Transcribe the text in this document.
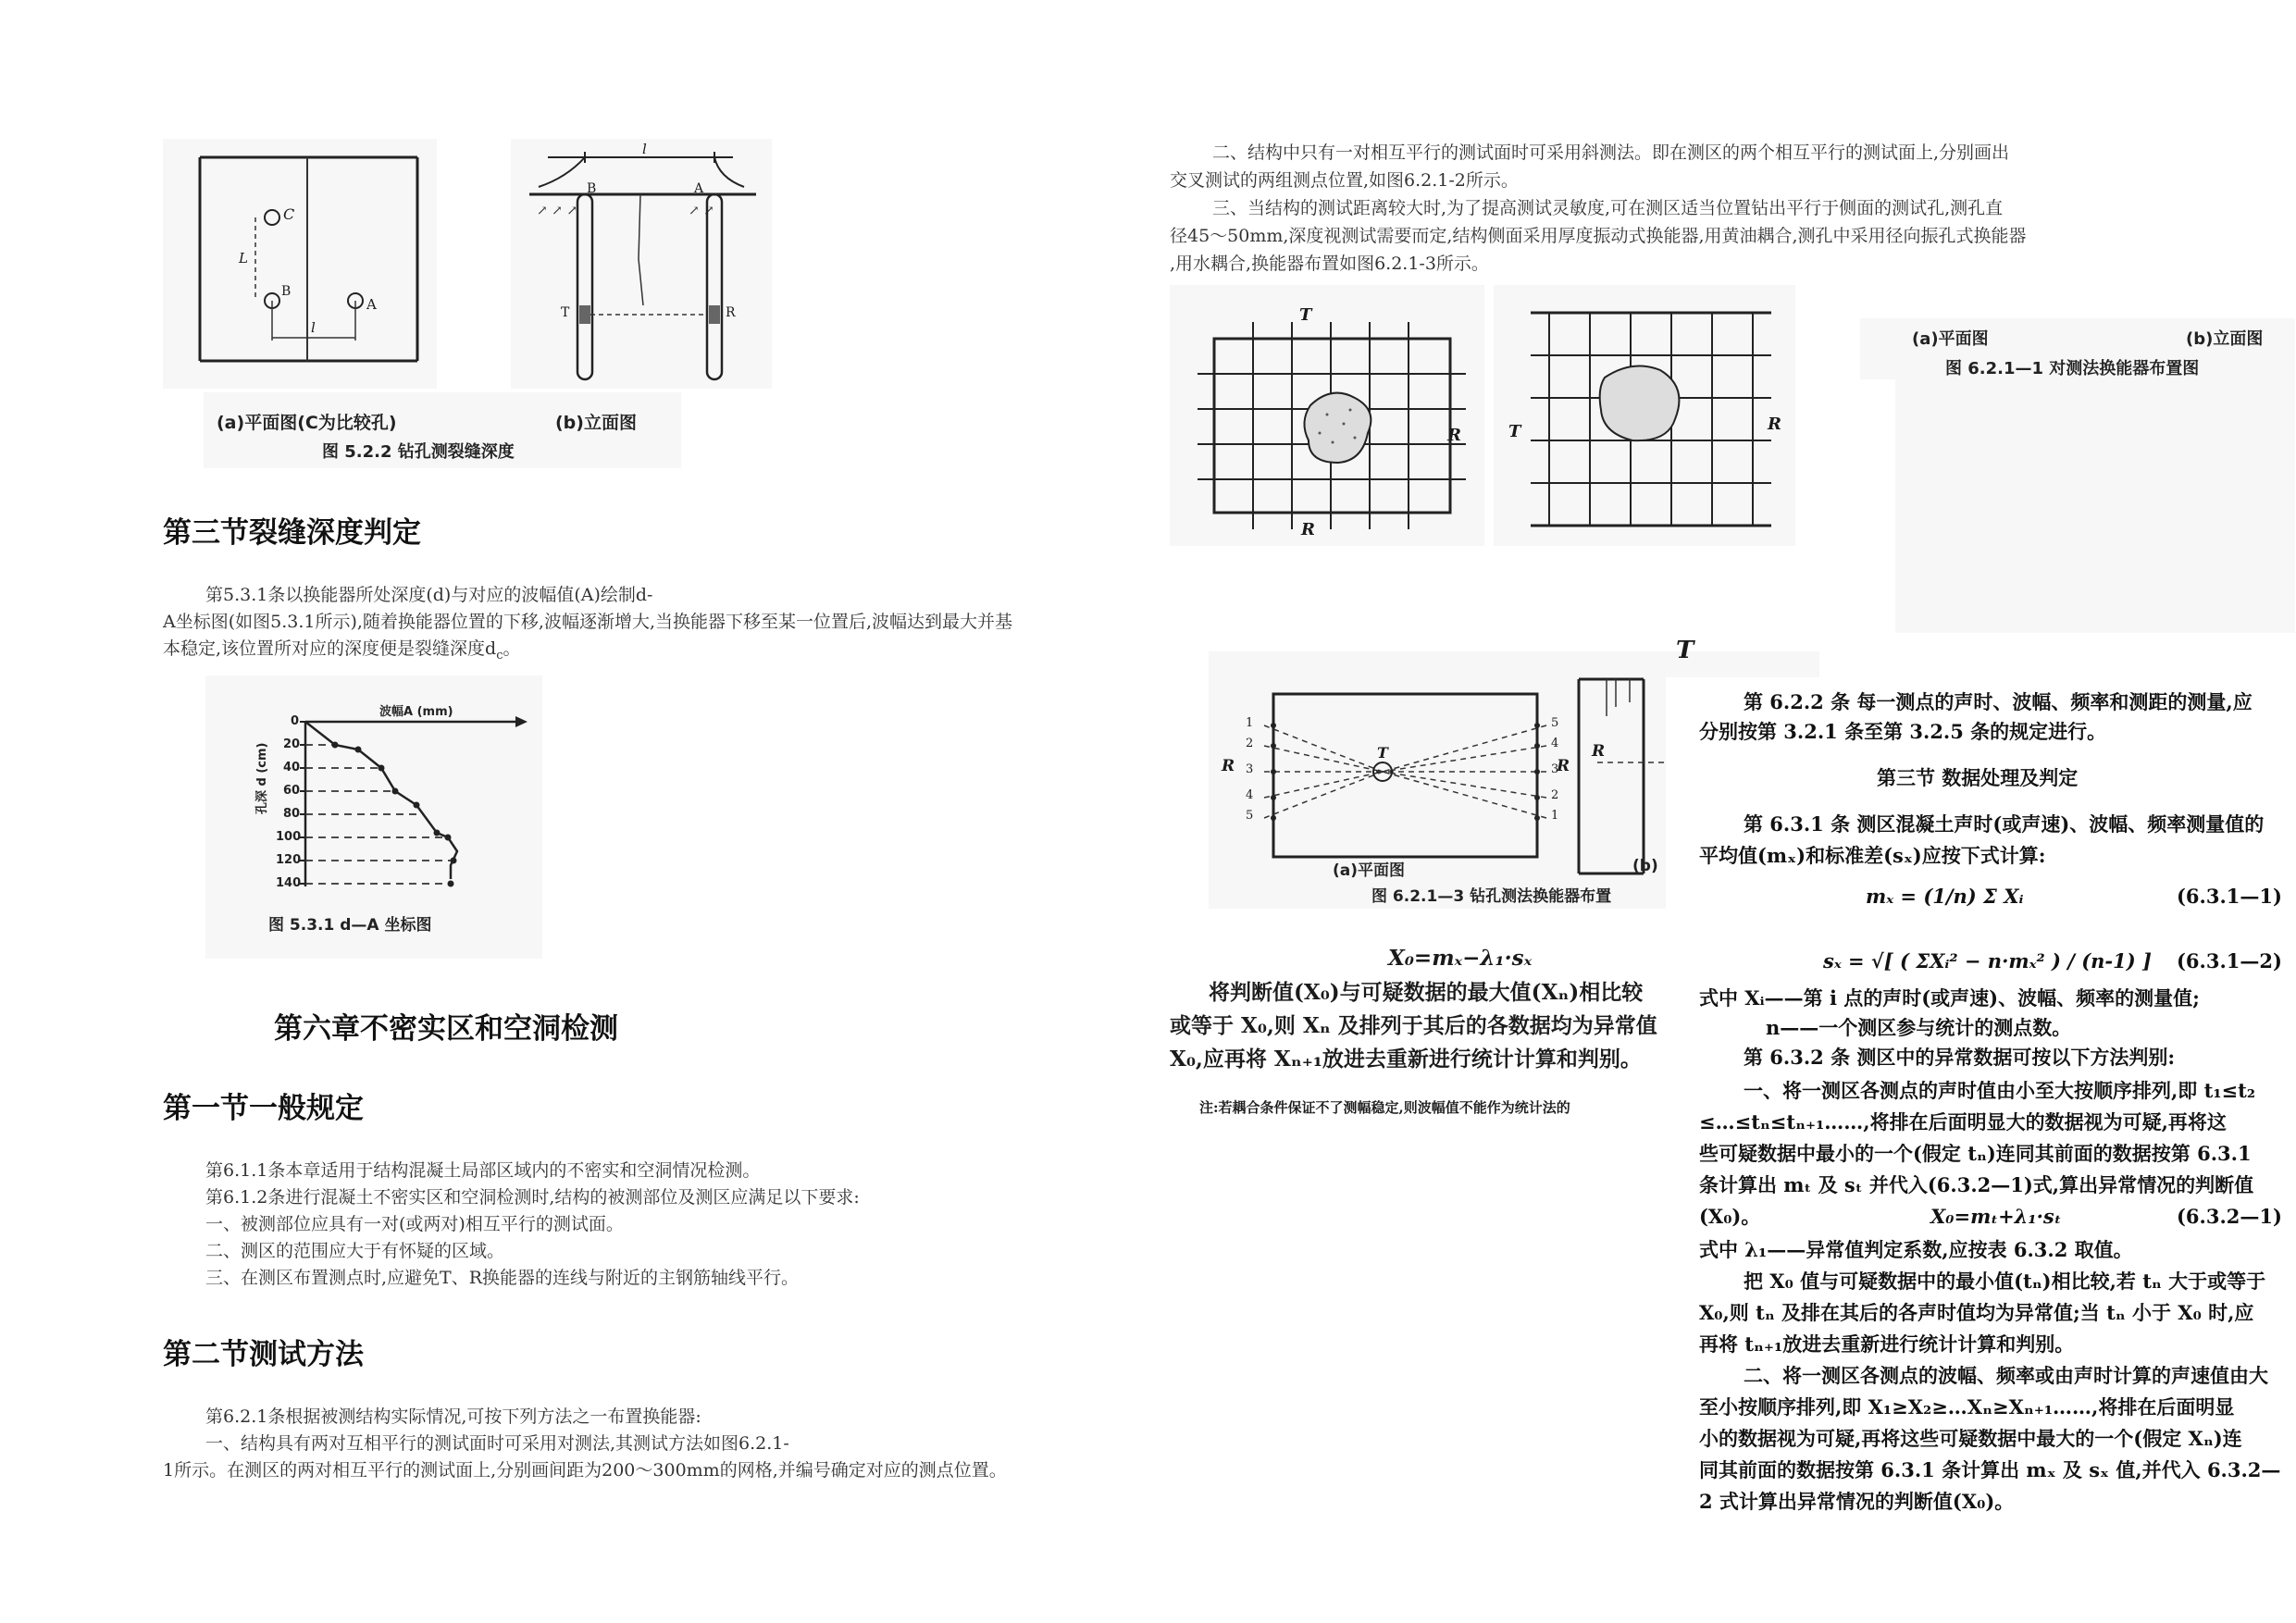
C
B
A
L
l
↗ ↗ ↗	↗ ↗
B	A
l
T	R
(a)平面图(C为比较孔)	(b)立面图
图 5.2.2 钻孔测裂缝深度
第三节裂缝深度判定
第5.3.1条以换能器所处深度(d)与对应的波幅值(A)绘制d-
A坐标图(如图5.3.1所示),随着换能器位置的下移,波幅逐渐增大,当换能器下移至某一位置后,波幅达到最大并基
本稳定,该位置所对应的深度便是裂缝深度$d_c$。
波幅A (mm)
孔深 d (cm)
0
20
40
60
80
100
120
140
图 5.3.1 d—A 坐标图
第六章不密实区和空洞检测
第一节一般规定
第6.1.1条本章适用于结构混凝土局部区域内的不密实和空洞情况检测。
第6.1.2条进行混凝土不密实区和空洞检测时,结构的被测部位及测区应满足以下要求:
一、被测部位应具有一对(或两对)相互平行的测试面。
二、测区的范围应大于有怀疑的区域。
三、在测区布置测点时,应避免T、R换能器的连线与附近的主钢筋轴线平行。
第二节测试方法
第6.2.1条根据被测结构实际情况,可按下列方法之一布置换能器:
一、结构具有两对互相平行的测试面时可采用对测法,其测试方法如图6.2.1-
1所示。在测区的两对相互平行的测试面上,分别画间距为200～300mm的网格,并编号确定对应的测点位置。
二、结构中只有一对相互平行的测试面时可采用斜测法。即在测区的两个相互平行的测试面上,分别画出
交叉测试的两组测点位置,如图6.2.1-2所示。
三、当结构的测试距离较大时,为了提高测试灵敏度,可在测区适当位置钻出平行于侧面的测试孔,测孔直
径45～50mm,深度视测试需要而定,结构侧面采用厚度振动式换能器,用黄油耦合,测孔中采用径向振孔式换能器
,用水耦合,换能器布置如图6.2.1-3所示。
T
R
R
T	R
(a)平面图	(b)立面图
图 6.2.1—1 对测法换能器布置图
T
R
T
R
R
1
2
3
4
5
5
4
3
2
1
(a)平面图	(b)
图 6.2.1—3 钻孔测法换能器布置
X₀=mₓ−λ₁·sₓ
将判断值(X₀)与可疑数据的最大值(Xₙ)相比较
或等于 X₀,则 Xₙ 及排列于其后的各数据均为异常值
X₀,应再将 Xₙ₊₁放进去重新进行统计计算和判别。
注:若耦合条件保证不了测幅稳定,则波幅值不能作为统计法的
第 6.2.2 条 每一测点的声时、波幅、频率和测距的测量,应
分别按第 3.2.1 条至第 3.2.5 条的规定进行。
第三节 数据处理及判定
第 6.3.1 条 测区混凝土声时(或声速)、波幅、频率测量值的
平均值(mₓ)和标准差(sₓ)应按下式计算:
mₓ = (1/n) Σ Xᵢ	(6.3.1—1)
sₓ = √[ ( ΣXᵢ² − n·mₓ² ) / (n-1) ] (6.3.1—2)
式中 Xᵢ——第 i 点的声时(或声速)、波幅、频率的测量值;
n——一个测区参与统计的测点数。
第 6.3.2 条 测区中的异常数据可按以下方法判别:
一、将一测区各测点的声时值由小至大按顺序排列,即 t₁≤t₂
≤…≤tₙ≤tₙ₊₁……,将排在后面明显大的数据视为可疑,再将这
些可疑数据中最小的一个(假定 tₙ)连同其前面的数据按第 6.3.1
条计算出 mₜ 及 sₜ 并代入(6.3.2—1)式,算出异常情况的判断值
(X₀)。	X₀=mₜ+λ₁·sₜ	(6.3.2—1)
式中 λ₁——异常值判定系数,应按表 6.3.2 取值。
把 X₀ 值与可疑数据中的最小值(tₙ)相比较,若 tₙ 大于或等于
X₀,则 tₙ 及排在其后的各声时值均为异常值;当 tₙ 小于 X₀ 时,应
再将 tₙ₊₁放进去重新进行统计计算和判别。
二、将一测区各测点的波幅、频率或由声时计算的声速值由大
至小按顺序排列,即 X₁≥X₂≥…Xₙ≥Xₙ₊₁……,将排在后面明显
小的数据视为可疑,再将这些可疑数据中最大的一个(假定 Xₙ)连
同其前面的数据按第 6.3.1 条计算出 mₓ 及 sₓ 值,并代入 6.3.2—
2 式计算出异常情况的判断值(X₀)。
